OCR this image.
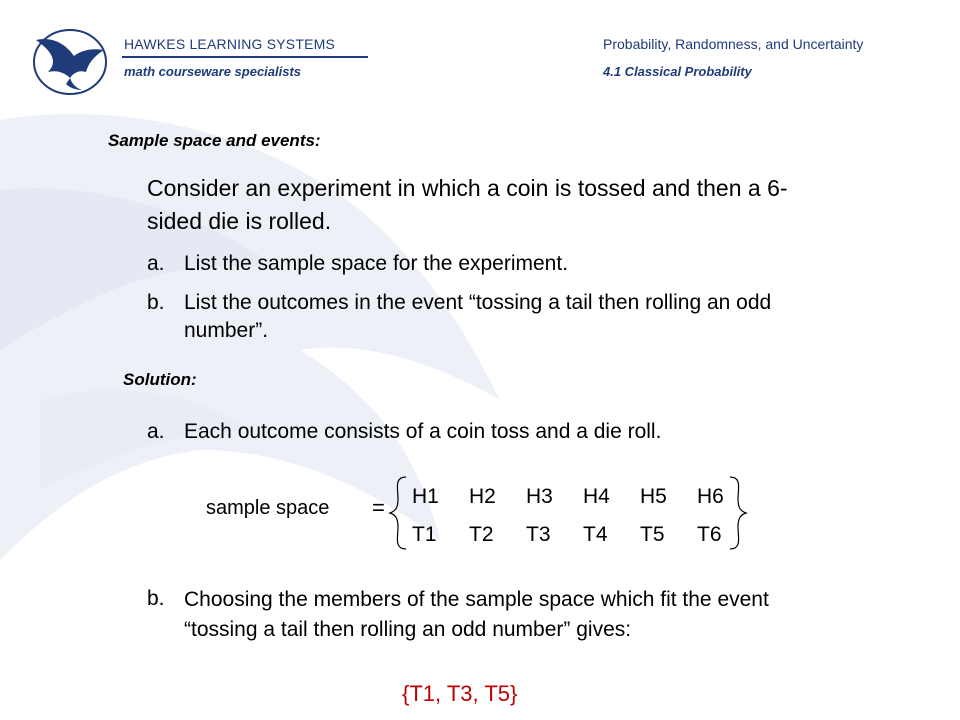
HAWKES LEARNING SYSTEMS
math courseware specialists
Probability, Randomness, and Uncertainty
4.1 Classical Probability
Sample space and events:
Consider an experiment in which a coin is tossed and then a 6-sided die is rolled.
a. List the sample space for the experiment.
b. List the outcomes in the event “tossing a tail then rolling an odd number”.
Solution:
a. Each outcome consists of a coin toss and a die roll.
sample space = H1	H2	H3	H4	H5	H6
T1	T2	T3	T4	T5	T6
b. Choosing the members of the sample space which fit the event “tossing a tail then rolling an odd number” gives:
{T1, T3, T5}
